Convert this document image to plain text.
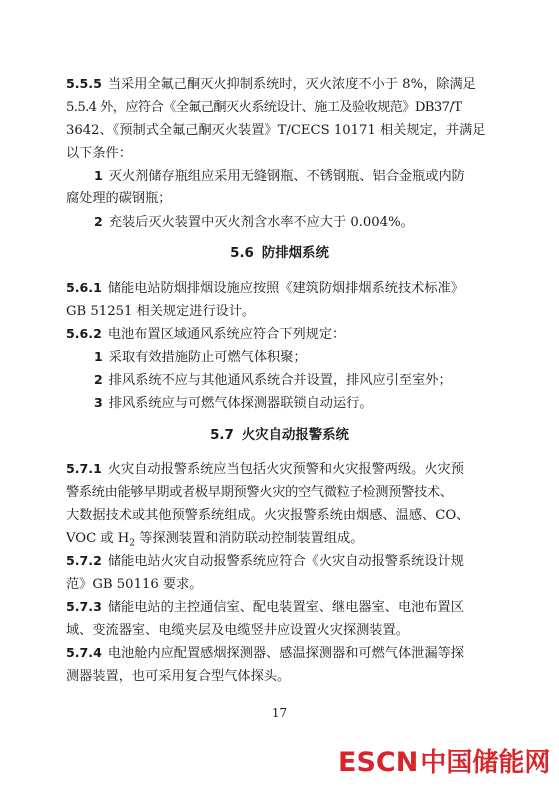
5.5.5 当采用全氟己酮灭火抑制系统时，灭火浓度不小于 8%，除满足
5.5.4 外，应符合《全氟己酮灭火系统设计、施工及验收规范》DB37/T
3642、《预制式全氟己酮灭火装置》T/CECS 10171 相关规定，并满足
以下条件：
1 灭火剂储存瓶组应采用无缝钢瓶、不锈钢瓶、铝合金瓶或内防
腐处理的碳钢瓶；
2 充装后灭火装置中灭火剂含水率不应大于 0.004%。
5.6 防排烟系统
5.6.1 储能电站防烟排烟设施应按照《建筑防烟排烟系统技术标准》
GB 51251 相关规定进行设计。
5.6.2 电池布置区域通风系统应符合下列规定：
1 采取有效措施防止可燃气体积聚；
2 排风系统不应与其他通风系统合并设置，排风应引至室外；
3 排风系统应与可燃气体探测器联锁自动运行。
5.7 火灾自动报警系统
5.7.1 火灾自动报警系统应当包括火灾预警和火灾报警两级。火灾预
警系统由能够早期或者极早期预警火灾的空气微粒子检测预警技术、
大数据技术或其他预警系统组成。火灾报警系统由烟感、温感、CO、
VOC 或 $H_2$ 等探测装置和消防联动控制装置组成。
5.7.2 储能电站火灾自动报警系统应符合《火灾自动报警系统设计规
范》GB 50116 要求。
5.7.3 储能电站的主控通信室、配电装置室、继电器室、电池布置区
域、变流器室、电缆夹层及电缆竖井应设置火灾探测装置。
5.7.4 电池舱内应配置感烟探测器、感温探测器和可燃气体泄漏等探
测器装置，也可采用复合型气体探头。
17
ESCN中国储能网
